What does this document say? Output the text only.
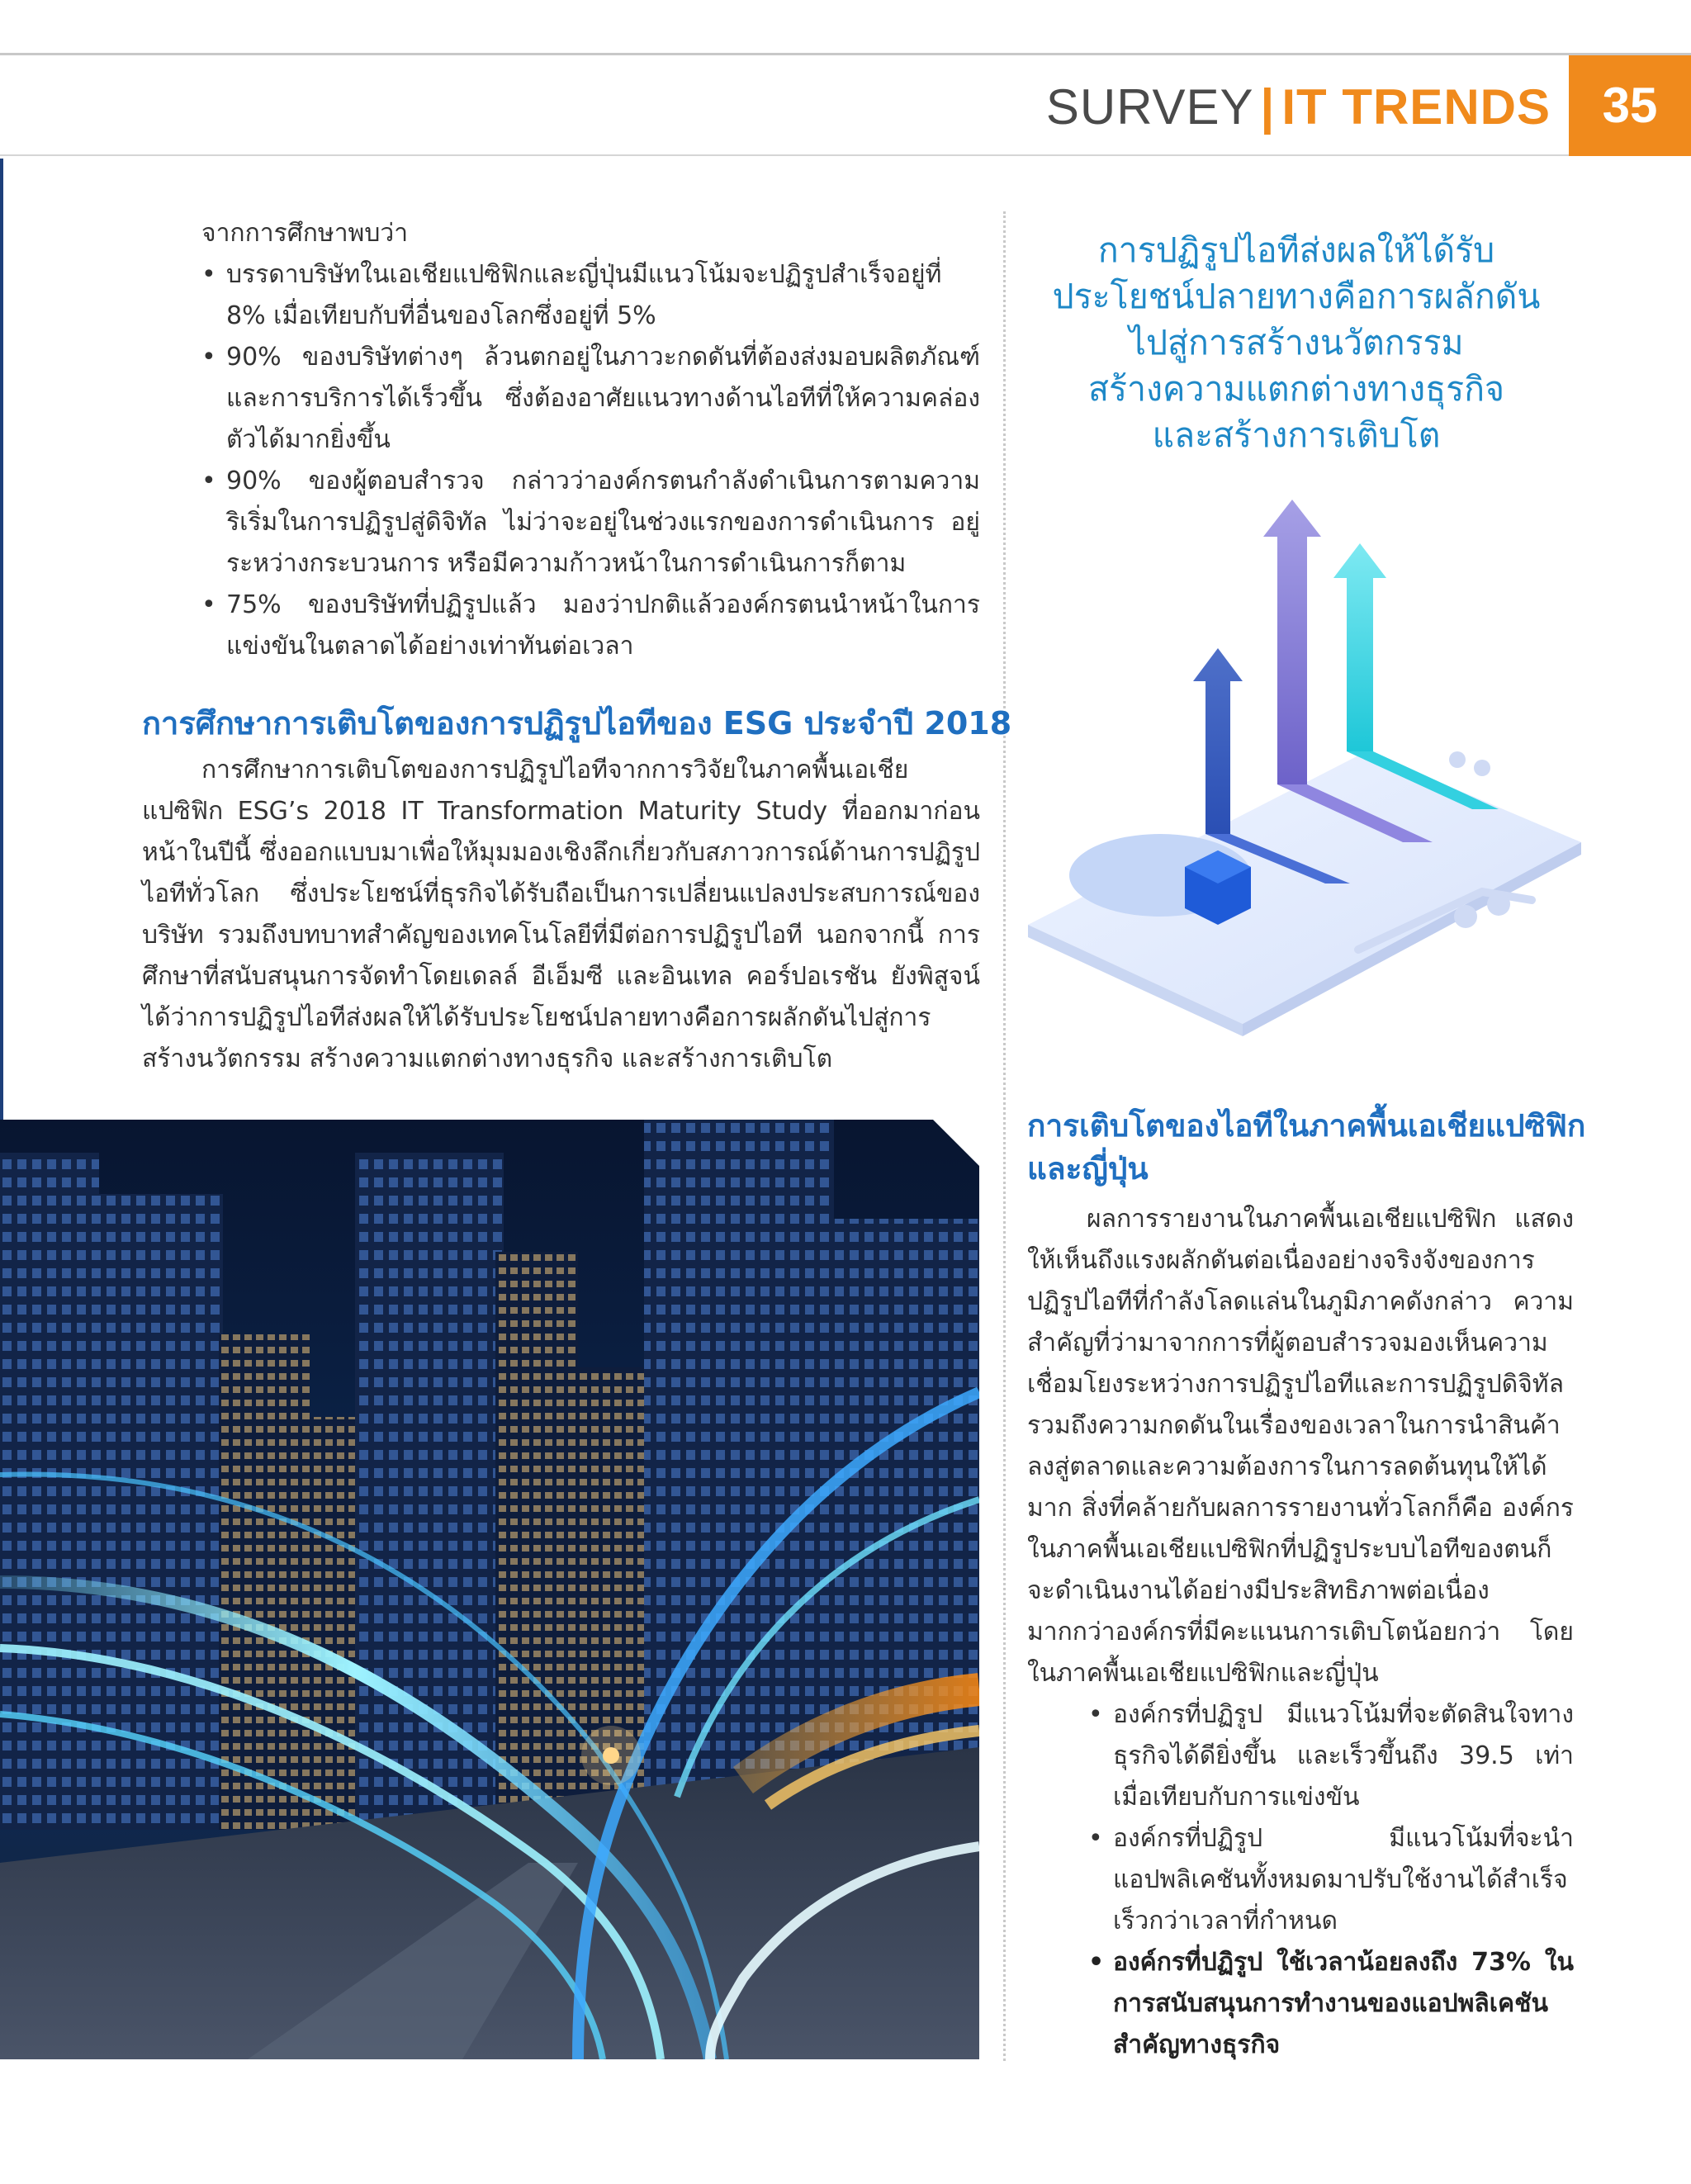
SURVEY | IT TRENDS	35

จากการศึกษาพบว่า

• บรรดาบริษัทในเอเชียแปซิฟิกและญี่ปุ่นมีแนวโน้มจะปฏิรูปสำเร็จอยู่ที่ 8% เมื่อเทียบกับที่อื่นของโลกซึ่งอยู่ที่ 5%
• 90% ของบริษัทต่างๆ ล้วนตกอยู่ในภาวะกดดันที่ต้องส่งมอบผลิตภัณฑ์และการบริการได้เร็วขึ้น ซึ่งต้องอาศัยแนวทางด้านไอทีที่ให้ความคล่องตัวได้มากยิ่งขึ้น
• 90% ของผู้ตอบสำรวจ กล่าวว่าองค์กรตนกำลังดำเนินการตามความริเริ่มในการปฏิรูปสู่ดิจิทัล ไม่ว่าจะอยู่ในช่วงแรกของการดำเนินการ อยู่ระหว่างกระบวนการ หรือมีความก้าวหน้าในการดำเนินการก็ตาม
• 75% ของบริษัทที่ปฏิรูปแล้ว มองว่าปกติแล้วองค์กรตนนำหน้าในการแข่งขันในตลาดได้อย่างเท่าทันต่อเวลา
การศึกษาการเติบโตของการปฏิรูปไอทีของ ESG ประจำปี 2018

การศึกษาการเติบโตของการปฏิรูปไอทีจากการวิจัยในภาคพื้นเอเชียแปซิฟิก ESG’s 2018 IT Transformation Maturity Study ที่ออกมาก่อนหน้าในปีนี้ ซึ่งออกแบบมาเพื่อให้มุมมองเชิงลึกเกี่ยวกับสภาวการณ์ด้านการปฏิรูปไอทีทั่วโลก ซึ่งประโยชน์ที่ธุรกิจได้รับถือเป็นการเปลี่ยนแปลงประสบการณ์ของบริษัท รวมถึงบทบาทสำคัญของเทคโนโลยีที่มีต่อการปฏิรูปไอที นอกจากนี้ การศึกษาที่สนับสนุนการจัดทำโดยเดลล์ อีเอ็มซี และอินเทล คอร์ปอเรชัน ยังพิสูจน์ได้ว่าการปฏิรูปไอทีส่งผลให้ได้รับประโยชน์ปลายทางคือการผลักดันไปสู่การสร้างนวัตกรรม สร้างความแตกต่างทางธุรกิจ และสร้างการเติบโต

การปฏิรูปไอทีส่งผลให้ได้รับ
ประโยชน์ปลายทางคือการผลักดัน
ไปสู่การสร้างนวัตกรรม
สร้างความแตกต่างทางธุรกิจ
และสร้างการเติบโต
การเติบโตของไอทีในภาคพื้นเอเชียแปซิฟิก
และญี่ปุ่น

ผลการรายงานในภาคพื้นเอเชียแปซิฟิก แสดงให้เห็นถึงแรงผลักดันต่อเนื่องอย่างจริงจังของการปฏิรูปไอทีที่กำลังโลดแล่นในภูมิภาคดังกล่าว ความสำคัญที่ว่ามาจากการที่ผู้ตอบสำรวจมองเห็นความเชื่อมโยงระหว่างการปฏิรูปไอทีและการปฏิรูปดิจิทัล รวมถึงความกดดันในเรื่องของเวลาในการนำสินค้าลงสู่ตลาดและความต้องการในการลดต้นทุนให้ได้มาก สิ่งที่คล้ายกับผลการรายงานทั่วโลกก็คือ องค์กรในภาคพื้นเอเชียแปซิฟิกที่ปฏิรูประบบไอทีของตนก็จะดำเนินงานได้อย่างมีประสิทธิภาพต่อเนื่องมากกว่าองค์กรที่มีคะแนนการเติบโตน้อยกว่า โดยในภาคพื้นเอเชียแปซิฟิกและญี่ปุ่น

• องค์กรที่ปฏิรูป มีแนวโน้มที่จะตัดสินใจทางธุรกิจได้ดียิ่งขึ้น และเร็วขึ้นถึง 39.5 เท่าเมื่อเทียบกับการแข่งขัน
• องค์กรที่ปฏิรูป มีแนวโน้มที่จะนำแอปพลิเคชันทั้งหมดมาปรับใช้งานได้สำเร็จเร็วกว่าเวลาที่กำหนด
• องค์กรที่ปฏิรูป ใช้เวลาน้อยลงถึง 73% ในการสนับสนุนการทำงานของแอปพลิเคชันสำคัญทางธุรกิจ
